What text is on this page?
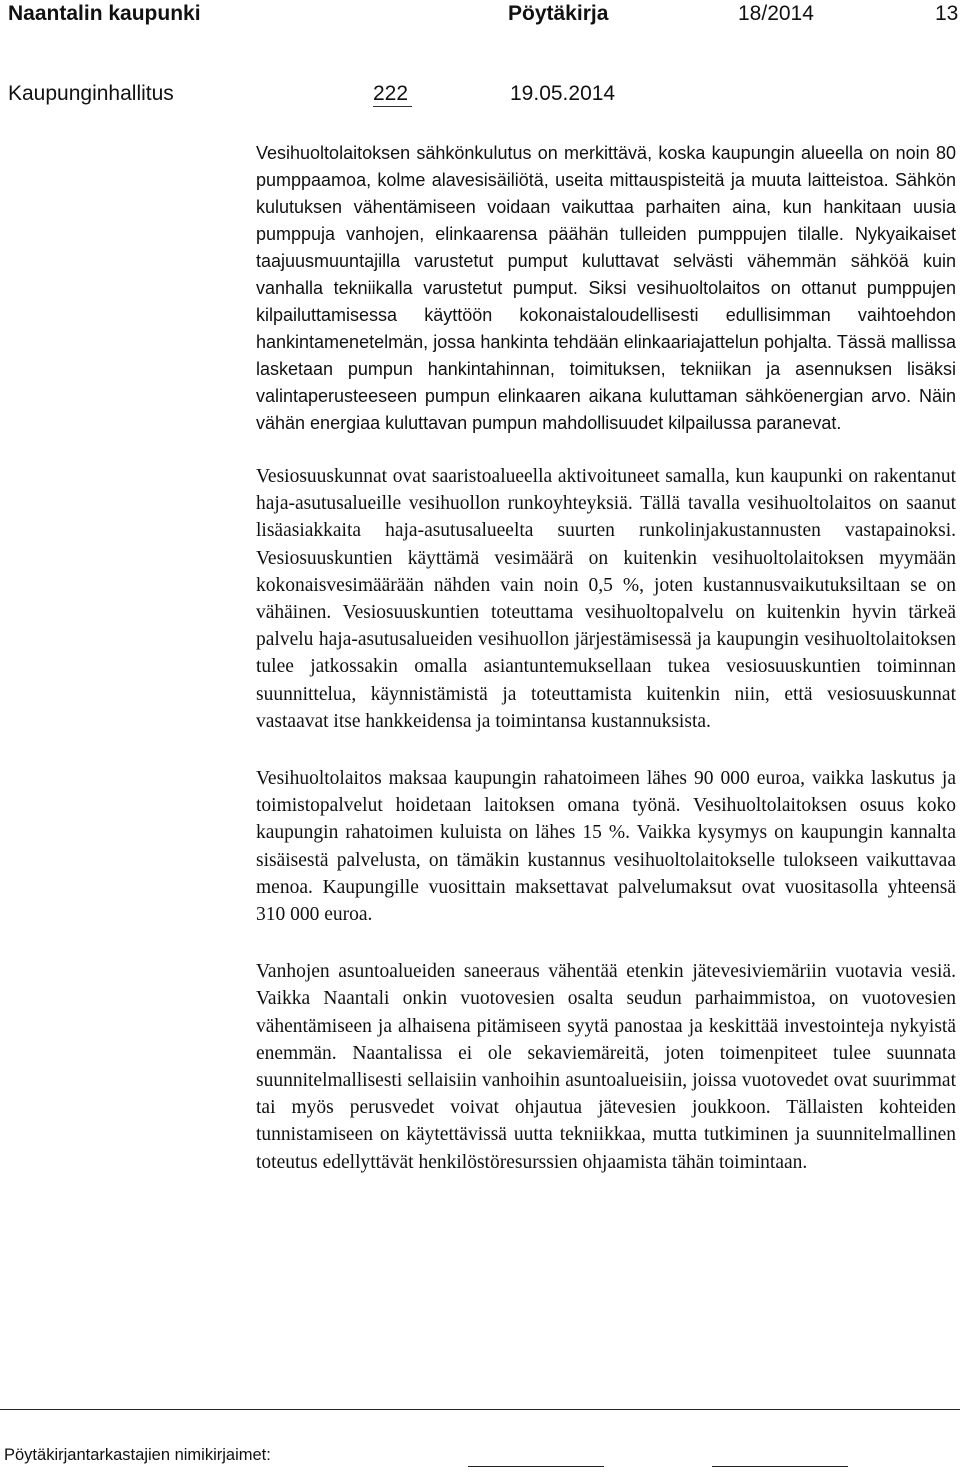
Naantalin kaupunki	Pöytäkirja	18/2014	13
Kaupunginhallitus	222	19.05.2014

Vesihuoltolaitoksen sähkönkulutus on merkittävä, koska kaupungin alueella on noin 80 pumppaamoa, kolme alavesisäiliötä, useita mittauspisteitä ja muuta laitteistoa. Sähkön kulutuksen vähentämiseen voidaan vaikuttaa parhaiten aina, kun hankitaan uusia pumppuja vanhojen, elinkaarensa päähän tulleiden pumppujen tilalle. Nykyaikaiset taajuusmuuntajilla varustetut pumput kuluttavat selvästi vähemmän sähköä kuin vanhalla tekniikalla varustetut pumput. Siksi vesihuoltolaitos on ottanut pumppujen kilpailuttamisessa käyttöön kokonaistaloudellisesti edullisimman vaihtoehdon hankintamenetelmän, jossa hankinta tehdään elinkaariajattelun pohjalta. Tässä mallissa lasketaan pumpun hankintahinnan, toimituksen, tekniikan ja asennuksen lisäksi valintaperusteeseen pumpun elinkaaren aikana kuluttaman sähköenergian arvo. Näin vähän energiaa kuluttavan pumpun mahdollisuudet kilpailussa paranevat.

Vesiosuuskunnat ovat saaristoalueella aktivoituneet samalla, kun kaupunki on rakentanut haja-asutusalueille vesihuollon runkoyhteyksiä. Tällä tavalla vesihuoltolaitos on saanut lisäasiakkaita haja-asutusalueelta suurten runkolinjakustannusten vastapainoksi. Vesiosuuskuntien käyttämä vesimäärä on kuitenkin vesihuoltolaitoksen myymään kokonaisvesimäärään nähden vain noin 0,5 %, joten kustannusvaikutuksiltaan se on vähäinen. Vesiosuuskuntien toteuttama vesihuoltopalvelu on kuitenkin hyvin tärkeä palvelu haja-asutusalueiden vesihuollon järjestämisessä ja kaupungin vesihuoltolaitoksen tulee jatkossakin omalla asiantuntemuksellaan tukea vesiosuuskuntien toiminnan suunnittelua, käynnistämistä ja toteuttamista kuitenkin niin, että vesiosuuskunnat vastaavat itse hankkeidensa ja toimintansa kustannuksista.

Vesihuoltolaitos maksaa kaupungin rahatoimeen lähes 90 000 euroa, vaikka laskutus ja toimistopalvelut hoidetaan laitoksen omana työnä. Vesihuoltolaitoksen osuus koko kaupungin rahatoimen kuluista on lähes 15 %. Vaikka kysymys on kaupungin kannalta sisäisestä palvelusta, on tämäkin kustannus vesihuoltolaitokselle tulokseen vaikuttavaa menoa. Kaupungille vuosittain maksettavat palvelumaksut ovat vuositasolla yhteensä 310 000 euroa.

Vanhojen asuntoalueiden saneeraus vähentää etenkin jätevesiviemäriin vuotavia vesiä. Vaikka Naantali onkin vuotovesien osalta seudun parhaimmistoa, on vuotovesien vähentämiseen ja alhaisena pitämiseen syytä panostaa ja keskittää investointeja nykyistä enemmän. Naantalissa ei ole sekaviemäreitä, joten toimenpiteet tulee suunnata suunnitelmallisesti sellaisiin vanhoihin asuntoalueisiin, joissa vuotovedet ovat suurimmat tai myös perusvedet voivat ohjautua jätevesien joukkoon. Tällaisten kohteiden tunnistamiseen on käytettävissä uutta tekniikkaa, mutta tutkiminen ja suunnitelmallinen toteutus edellyttävät henkilöstöresurssien ohjaamista tähän toimintaan.

Pöytäkirjantarkastajien nimikirjaimet:
